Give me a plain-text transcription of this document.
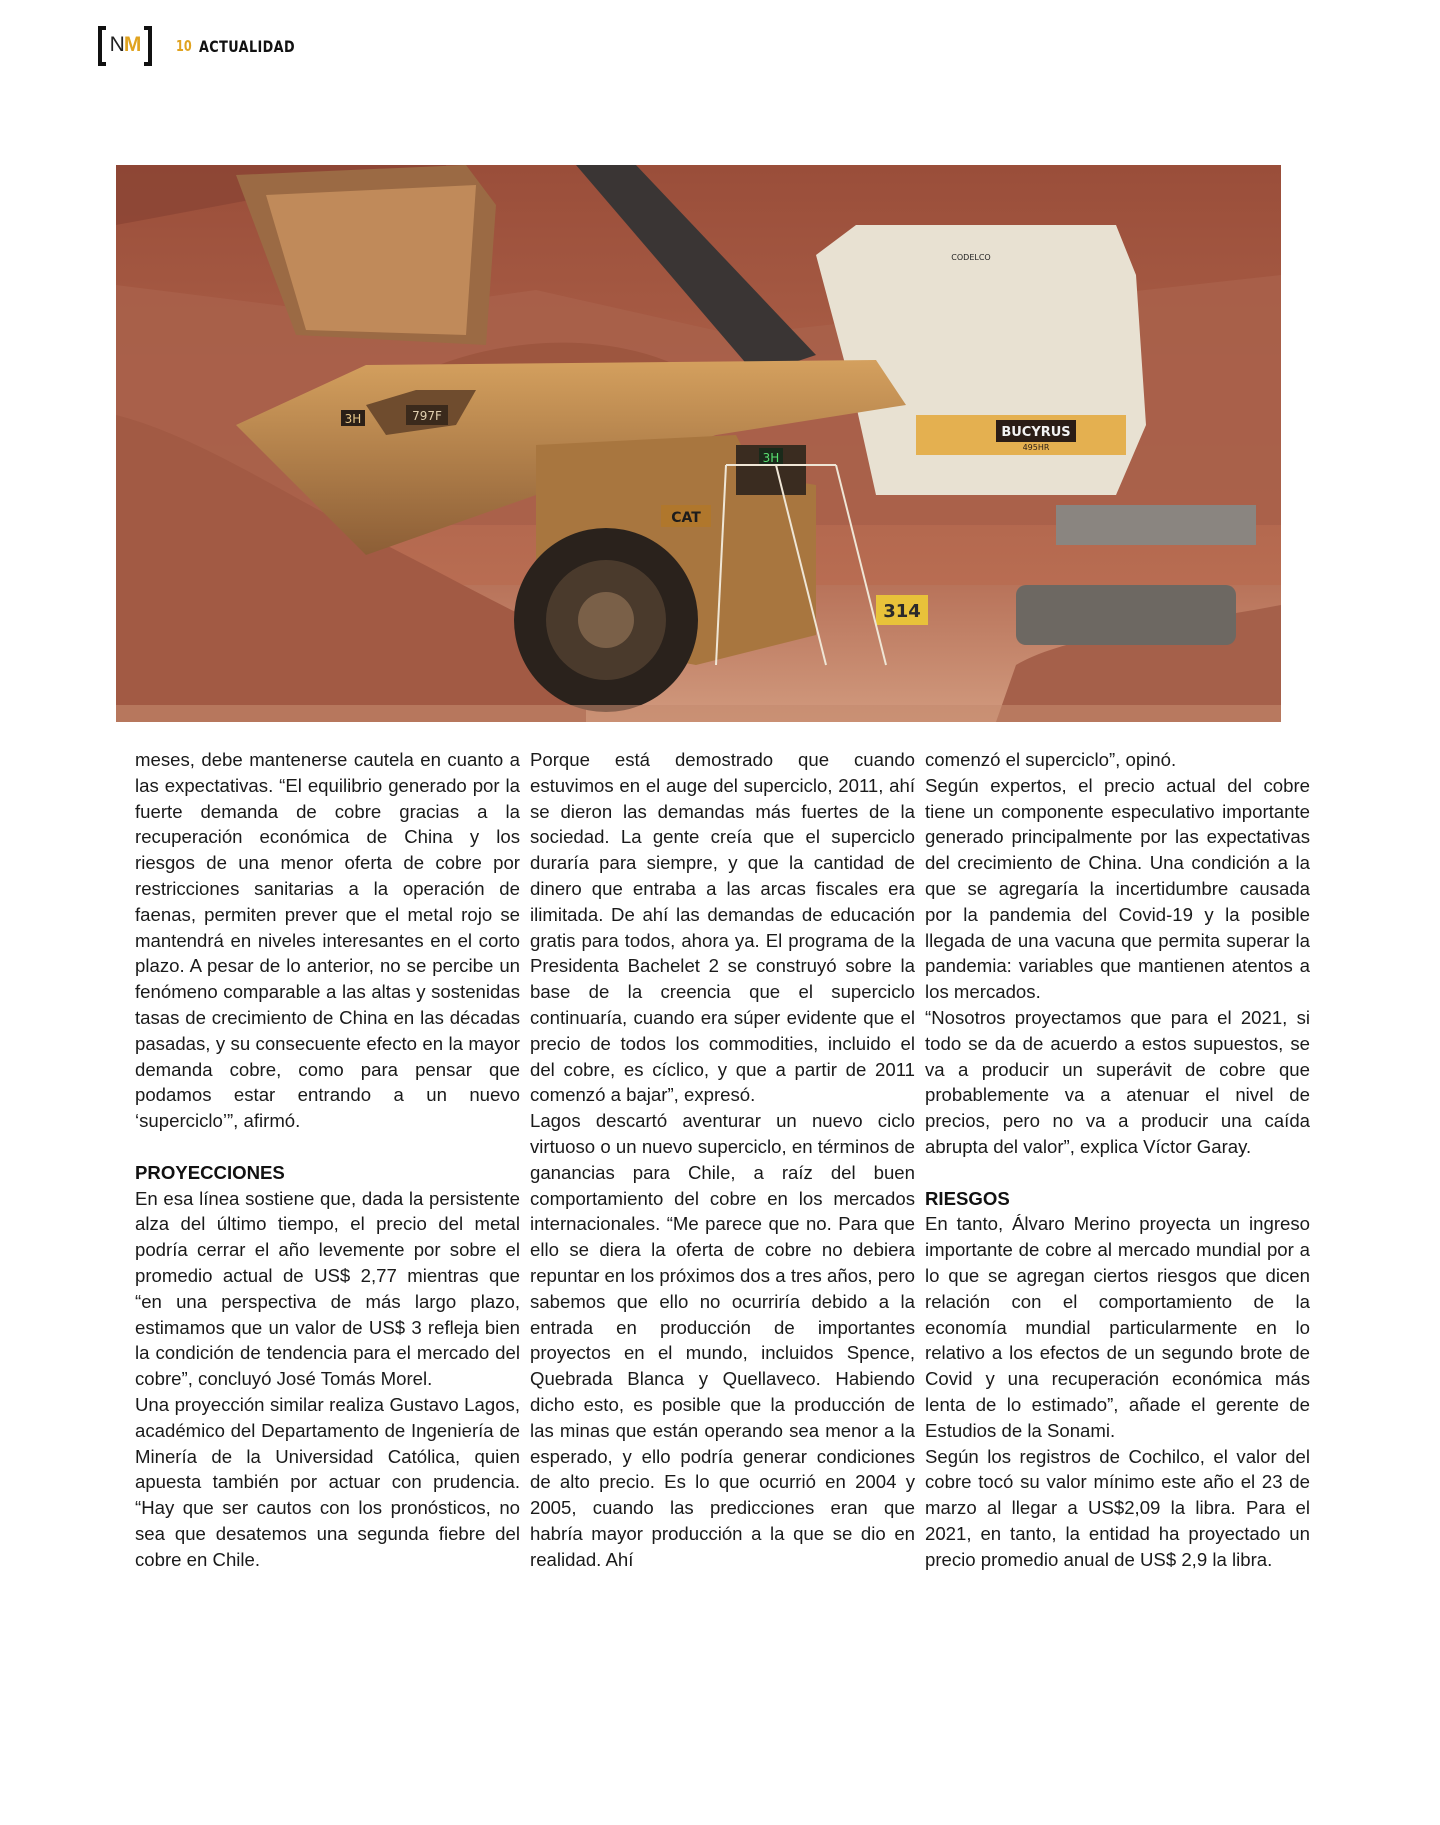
NM	10 ACTUALIDAD
BUCYRUS
495HR
CODELCO
3H	797F
3H
CAT
314

meses, debe mantenerse cautela en cuanto a las expectativas. “El equilibrio generado por la fuerte demanda de cobre gracias a la recuperación económica de China y los riesgos de una menor oferta de cobre por restricciones sanitarias a la operación de faenas, permiten prever que el metal rojo se mantendrá en niveles interesantes en el corto plazo. A pesar de lo anterior, no se percibe un fenómeno comparable a las altas y sostenidas tasas de crecimiento de China en las décadas pasadas, y su consecuente efecto en la mayor demanda cobre, como para pensar que podamos estar entrando a un nuevo ‘superciclo’”, afirmó.

PROYECCIONES

En esa línea sostiene que, dada la persistente alza del último tiempo, el precio del metal podría cerrar el año levemente por sobre el promedio actual de US$ 2,77 mientras que “en una perspectiva de más largo plazo, estimamos que un valor de US$ 3 refleja bien la condición de tendencia para el mercado del cobre”, concluyó José Tomás Morel.

Una proyección similar realiza Gustavo Lagos, académico del Departamento de Ingeniería de Minería de la Universidad Católica, quien apuesta también por actuar con prudencia. “Hay que ser cautos con los pronósticos, no sea que desatemos una segunda fiebre del cobre en Chile.

Porque está demostrado que cuando estuvimos en el auge del superciclo, 2011, ahí se dieron las demandas más fuertes de la sociedad. La gente creía que el superciclo duraría para siempre, y que la cantidad de dinero que entraba a las arcas fiscales era ilimitada. De ahí las demandas de educación gratis para todos, ahora ya. El programa de la Presidenta Bachelet 2 se construyó sobre la base de la creencia que el superciclo continuaría, cuando era súper evidente que el precio de todos los commodities, incluido el del cobre, es cíclico, y que a partir de 2011 comenzó a bajar”, expresó.

Lagos descartó aventurar un nuevo ciclo virtuoso o un nuevo superciclo, en términos de ganancias para Chile, a raíz del buen comportamiento del cobre en los mercados internacionales. “Me parece que no. Para que ello se diera la oferta de cobre no debiera repuntar en los próximos dos a tres años, pero sabemos que ello no ocurriría debido a la entrada en producción de importantes proyectos en el mundo, incluidos Spence, Quebrada Blanca y Quellaveco. Habiendo dicho esto, es posible que la producción de las minas que están operando sea menor a la esperado, y ello podría generar condiciones de alto precio. Es lo que ocurrió en 2004 y 2005, cuando las predicciones eran que habría mayor producción a la que se dio en realidad. Ahí

comenzó el superciclo”, opinó.

Según expertos, el precio actual del cobre tiene un componente especulativo importante generado principalmente por las expectativas del crecimiento de China. Una condición a la que se agregaría la incertidumbre causada por la pandemia del Covid-19 y la posible llegada de una vacuna que permita superar la pandemia: variables que mantienen atentos a los mercados.

“Nosotros proyectamos que para el 2021, si todo se da de acuerdo a estos supuestos, se va a producir un superávit de cobre que probablemente va a atenuar el nivel de precios, pero no va a producir una caída abrupta del valor”, explica Víctor Garay.

RIESGOS

En tanto, Álvaro Merino proyecta un ingreso importante de cobre al mercado mundial por a lo que se agregan ciertos riesgos que dicen relación con el comportamiento de la economía mundial particularmente en lo relativo a los efectos de un segundo brote de Covid y una recuperación económica más lenta de lo estimado”, añade el gerente de Estudios de la Sonami.

Según los registros de Cochilco, el valor del cobre tocó su valor mínimo este año el 23 de marzo al llegar a US$2,09 la libra. Para el 2021, en tanto, la entidad ha proyectado un precio promedio anual de US$ 2,9 la libra.
